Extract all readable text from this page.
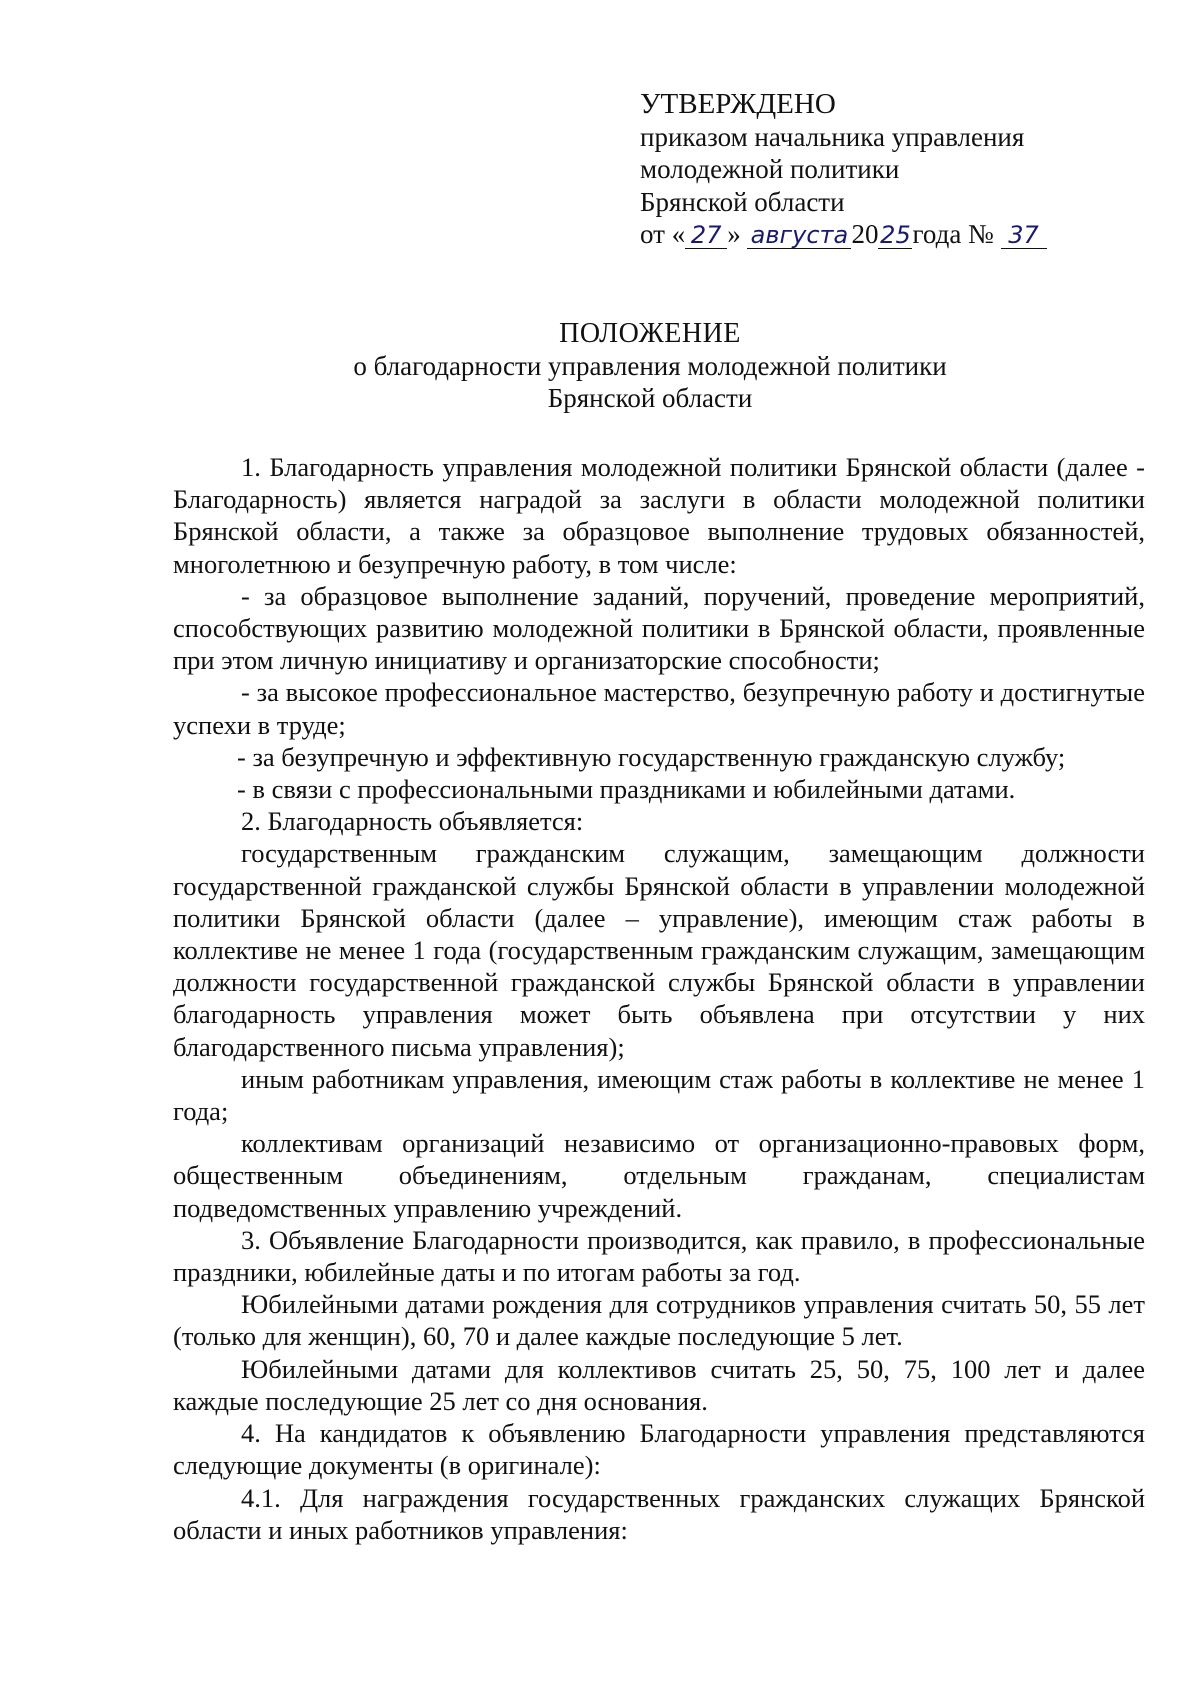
УТВЕРЖДЕНО
приказом начальника управления
молодежной политики
Брянской области
от « 27 » августа 2025года № 37
ПОЛОЖЕНИЕ
о благодарности управления молодежной политики
Брянской области

1. Благодарность управления молодежной политики Брянской области (далее - Благодарность) является наградой за заслуги в области молодежной политики Брянской области, а также за образцовое выполнение трудовых обязанностей, многолетнюю и безупречную работу, в том числе:

- за образцовое выполнение заданий, поручений, проведение мероприятий, способствующих развитию молодежной политики в Брянской области, проявленные при этом личную инициативу и организаторские способности;

- за высокое профессиональное мастерство, безупречную работу и достигнутые успехи в труде;

- за безупречную и эффективную государственную гражданскую службу;

- в связи с профессиональными праздниками и юбилейными датами.

2. Благодарность объявляется:

государственным гражданским служащим, замещающим должности государственной гражданской службы Брянской области в управлении молодежной политики Брянской области (далее – управление), имеющим стаж работы в коллективе не менее 1 года (государственным гражданским служащим, замещающим должности государственной гражданской службы Брянской области в управлении благодарность управления может быть объявлена при отсутствии у них благодарственного письма управления);

иным работникам управления, имеющим стаж работы в коллективе не менее 1 года;

коллективам организаций независимо от организационно-правовых форм, общественным объединениям, отдельным гражданам, специалистам подведомственных управлению учреждений.

3. Объявление Благодарности производится, как правило, в профессиональные праздники, юбилейные даты и по итогам работы за год.

Юбилейными датами рождения для сотрудников управления считать 50, 55 лет (только для женщин), 60, 70 и далее каждые последующие 5 лет.

Юбилейными датами для коллективов считать 25, 50, 75, 100 лет и далее каждые последующие 25 лет со дня основания.

4. На кандидатов к объявлению Благодарности управления представляются следующие документы (в оригинале):

4.1. Для награждения государственных гражданских служащих Брянской области и иных работников управления:
